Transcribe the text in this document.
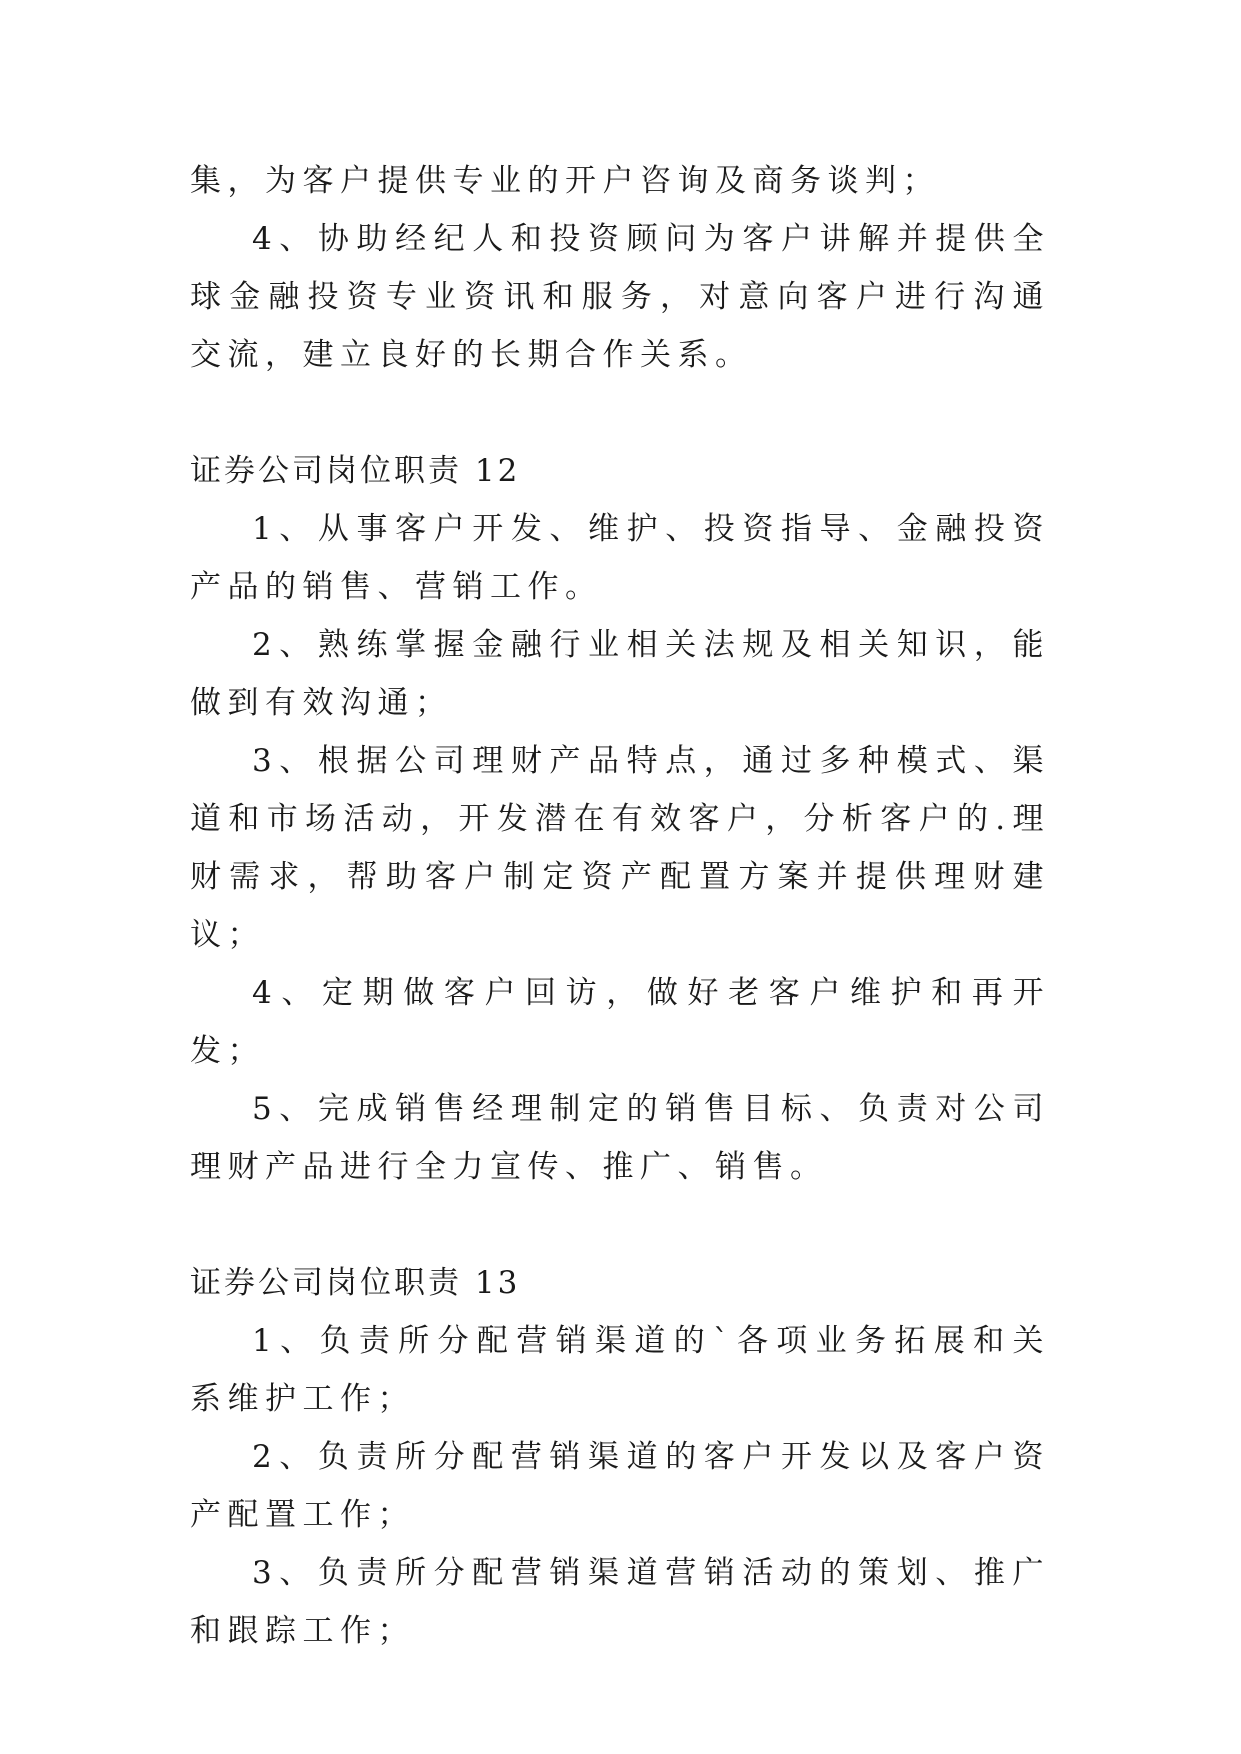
集，为客户提供专业的开户咨询及商务谈判；

4、协助经纪人和投资顾问为客户讲解并提供全球金融投资专业资讯和服务，对意向客户进行沟通交流，建立良好的长期合作关系。

证券公司岗位职责 12

1、从事客户开发、维护、投资指导、金融投资产品的销售、营销工作。

2、熟练掌握金融行业相关法规及相关知识，能做到有效沟通；

3、根据公司理财产品特点，通过多种模式、渠道和市场活动，开发潜在有效客户，分析客户的.理财需求，帮助客户制定资产配置方案并提供理财建议；

4、定期做客户回访，做好老客户维护和再开发；

5、完成销售经理制定的销售目标、负责对公司理财产品进行全力宣传、推广、销售。

证券公司岗位职责 13

1、负责所分配营销渠道的`各项业务拓展和关系维护工作；

2、负责所分配营销渠道的客户开发以及客户资产配置工作；

3、负责所分配营销渠道营销活动的策划、推广和跟踪工作；
